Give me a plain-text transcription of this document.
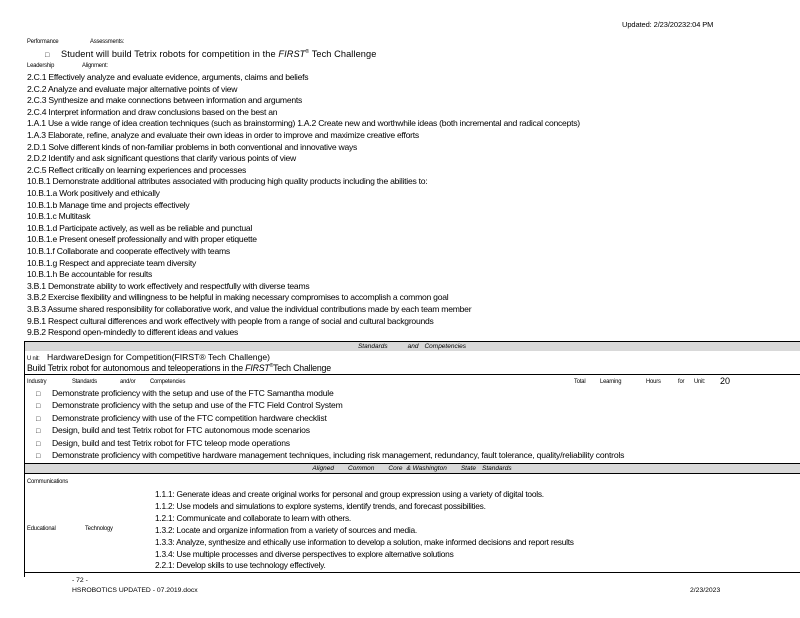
Updated: 2/23/20232:04 PM
Performance	Assessments:
□ Student will build Tetrix robots for competition in the FIRST® Tech Challenge
Leadership	Alignment:
2.C.1 Effectively analyze and evaluate evidence, arguments, claims and beliefs
2.C.2 Analyze and evaluate major alternative points of view
2.C.3 Synthesize and make connections between information and arguments
2.C.4 Interpret information and draw conclusions based on the best an
1.A.1 Use a wide range of idea creation techniques (such as brainstorming) 1.A.2 Create new and worthwhile ideas (both incremental and radical concepts)
1.A.3 Elaborate, refine, analyze and evaluate their own ideas in order to improve and maximize creative efforts
2.D.1 Solve different kinds of non-familiar problems in both conventional and innovative ways
2.D.2 Identify and ask significant questions that clarify various points of view
2.C.5 Reflect critically on learning experiences and processes
10.B.1 Demonstrate additional attributes associated with producing high quality products including the abilities to:
10.B.1.a Work positively and ethically
10.B.1.b Manage time and projects effectively
10.B.1.c Multitask
10.B.1.d Participate actively, as well as be reliable and punctual
10.B.1.e Present oneself professionally and with proper etiquette
10.B.1.f Collaborate and cooperate effectively with teams
10.B.1.g Respect and appreciate team diversity
10.B.1.h Be accountable for results
3.B.1 Demonstrate ability to work effectively and respectfully with diverse teams
3.B.2 Exercise flexibility and willingness to be helpful in making necessary compromises to accomplish a common goal
3.B.3 Assume shared responsibility for collaborative work, and value the individual contributions made by each team member
9.B.1 Respect cultural differences and work effectively with people from a range of social and cultural backgrounds
9.B.2 Respond open-mindedly to different ideas and values
Standards	and Competencies
U nit: HardwareDesign for Competition(FIRST® Tech Challenge)
Build Tetrix robot for autonomous and teleoperations in the FIRST®Tech Challenge
Industry	Standards	and/or Competencies	Total Learning	Hours	for Unit: 20
□ Demonstrate proficiency with the setup and use of the FTC Samantha module
□ Demonstrate proficiency with the setup and use of the FTC Field Control System
□ Demonstrate proficiency with use of the FTC competition hardware checklist
□ Design, build and test Tetrix robot for FTC autonomous mode scenarios
□ Design, build and test Tetrix robot for FTC teleop mode operations
□ Demonstrate proficiency with competitive hardware management techniques, including risk management, redundancy, fault tolerance, quality/reliability controls
Aligned Common Core & Washington State Standards
Communications
Educational	Technology
1.1.1: Generate ideas and create original works for personal and group expression using a variety of digital tools.
1.1.2: Use models and simulations to explore systems, identify trends, and forecast possibilities.
1.2.1: Communicate and collaborate to learn with others.
1.3.2: Locate and organize information from a variety of sources and media.
1.3.3: Analyze, synthesize and ethically use information to develop a solution, make informed decisions and report results
1.3.4: Use multiple processes and diverse perspectives to explore alternative solutions
2.2.1: Develop skills to use technology effectively.
- 72 -
HSROBOTICS UPDATED - 07.2019.docx	2/23/2023
